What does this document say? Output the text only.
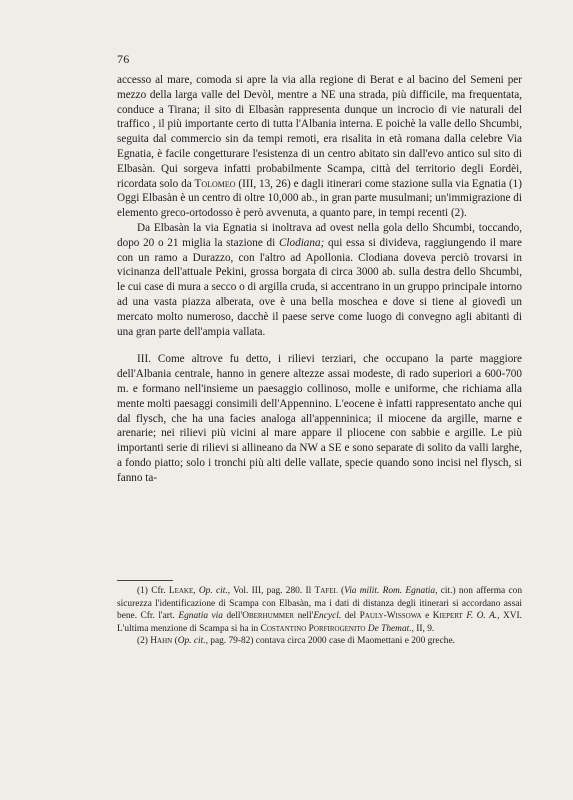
76

accesso al mare, comoda si apre la via alla regione di Berat e al bacino del Semeni per mezzo della larga valle del Devòl, mentre a NE una strada, più difficile, ma frequentata, conduce a Tirana; il sito di Elbasàn rappresenta dunque un incrocio di vie naturali del traffico , il più importante certo di tutta l'Albania interna. E poichè la valle dello Shcumbi, seguita dal commercio sin da tempi remoti, era risalita in età romana dalla celebre Via Egnatia, è facile congetturare l'esistenza di un centro abitato sin dall'evo antico sul sito di Elbasàn. Qui sorgeva infatti probabilmente Scampa, città del territorio degli Eordèi, ricordata solo da Tolomeo (III, 13, 26) e dagli itinerari come stazione sulla via Egnatia (1) Oggi Elbasàn è un centro di oltre 10,000 ab., in gran parte musulmani; un'immigrazione di elemento greco-ortodosso è però avvenuta, a quanto pare, in tempi recenti (2).

Da Elbasàn la via Egnatia si inoltrava ad ovest nella gola dello Shcumbi, toccando, dopo 20 o 21 miglia la stazione di Clodiana; qui essa si divideva, raggiungendo il mare con un ramo a Durazzo, con l'altro ad Apollonia. Clodiana doveva perciò trovarsi in vicinanza dell'attuale Pekini, grossa borgata di circa 3000 ab. sulla destra dello Shcumbi, le cui case di mura a secco o di argilla cruda, si accentrano in un gruppo principale intorno ad una vasta piazza alberata, ove è una bella moschea e dove si tiene al giovedì un mercato molto numeroso, dacchè il paese serve come luogo di convegno agli abitanti di una gran parte dell'ampia vallata.

III. Come altrove fu detto, i rilievi terziari, che occupano la parte maggiore dell'Albania centrale, hanno in genere altezze assai modeste, di rado superiori a 600-700 m. e formano nell'insieme un paesaggio collinoso, molle e uniforme, che richiama alla mente molti paesaggi consimili dell'Appennino. L'eocene è infatti rappresentato anche qui dal flysch, che ha una facies analoga all'appenninica; il miocene da argille, marne e arenarie; nei rilievi più vicini al mare appare il pliocene con sabbie e argille. Le più importanti serie di rilievi si allineano da NW a SE e sono separate di solito da valli larghe, a fondo piatto; solo i tronchi più alti delle vallate, specie quando sono incisi nel flysch, si fanno ta-

(1) Cfr. Leake, Op. cit., Vol. III, pag. 280. Il Tafel (Via milit. Rom. Egnatia, cit.) non afferma con sicurezza l'identificazione di Scampa con Elbasàn, ma i dati di distanza degli itinerari si accordano assai bene. Cfr. l'art. Egnatia via dell'Oberhummer nell'Encycl. del Pauly-Wissowa e Kiepert F. O. A., XVI. L'ultima menzione di Scampa si ha in Costantino Porfirogenito De Themat., II, 9.

(2) Hahn (Op. cit., pag. 79-82) contava circa 2000 case di Maomettani e 200 greche.
